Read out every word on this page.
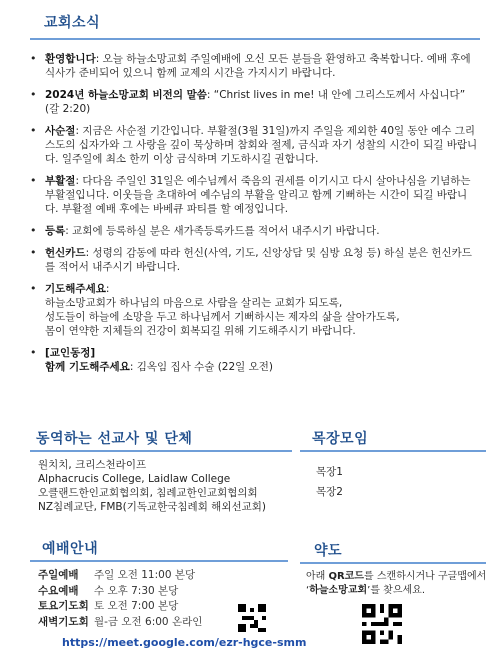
교회소식
• 환영합니다: 오늘 하늘소망교회 주일예배에 오신 모든 분들을 환영하고 축복합니다. 예배 후에 식사가 준비되어 있으니 함께 교제의 시간을 가지시기 바랍니다.
• 2024년 하늘소망교회 비전의 말씀: “Christ lives in me! 내 안에 그리스도께서 사십니다” (갈 2:20)
• 사순절: 지금은 사순절 기간입니다. 부활절(3월 31일)까지 주일을 제외한 40일 동안 예수 그리스도의 십자가와 그 사랑을 깊이 묵상하며 참회와 절제, 금식과 자기 성찰의 시간이 되길 바랍니다. 일주일에 최소 한끼 이상 금식하며 기도하시길 권합니다.
• 부활절: 다다음 주일인 31일은 예수님께서 죽음의 권세를 이기시고 다시 살아나심을 기념하는 부활절입니다. 이웃들을 초대하여 예수님의 부활을 알리고 함께 기뻐하는 시간이 되길 바랍니다. 부활절 예배 후에는 바베큐 파티를 할 예정입니다.
• 등록: 교회에 등록하실 분은 새가족등록카드를 적어서 내주시기 바랍니다.
• 헌신카드: 성령의 감동에 따라 헌신(사역, 기도, 신앙상담 및 심방 요청 등) 하실 분은 헌신카드를 적어서 내주시기 바랍니다.
• 기도해주세요:
하늘소망교회가 하나님의 마음으로 사람을 살리는 교회가 되도록,
성도들이 하늘에 소망을 두고 하나님께서 기뻐하시는 제자의 삶을 살아가도록,
몸이 연약한 지체들의 건강이 회복되길 위해 기도해주시기 바랍니다.
• [교인동정]
함께 기도해주세요: 김옥임 집사 수술 (22일 오전)
동역하는 선교사 및 단체
원치치, 크리스천라이프
Alphacrucis College, Laidlaw College
오클랜드한인교회협의회, 침례교한인교회협의회
NZ침례교단, FMB(기독교한국침례회 해외선교회)
목장모임
목장1
목장2
예배안내
주일예배	주일 오전 11:00 본당
수요예배	수 오후 7:30 본당
토요기도회 토 오전 7:00 본당
새벽기도회 월-금 오전 6:00 온라인
https://meet.google.com/ezr-hgce-smm
약도
아래 QR코드를 스캔하시거나 구글맵에서 ‘하늘소망교회’를 찾으세요.
